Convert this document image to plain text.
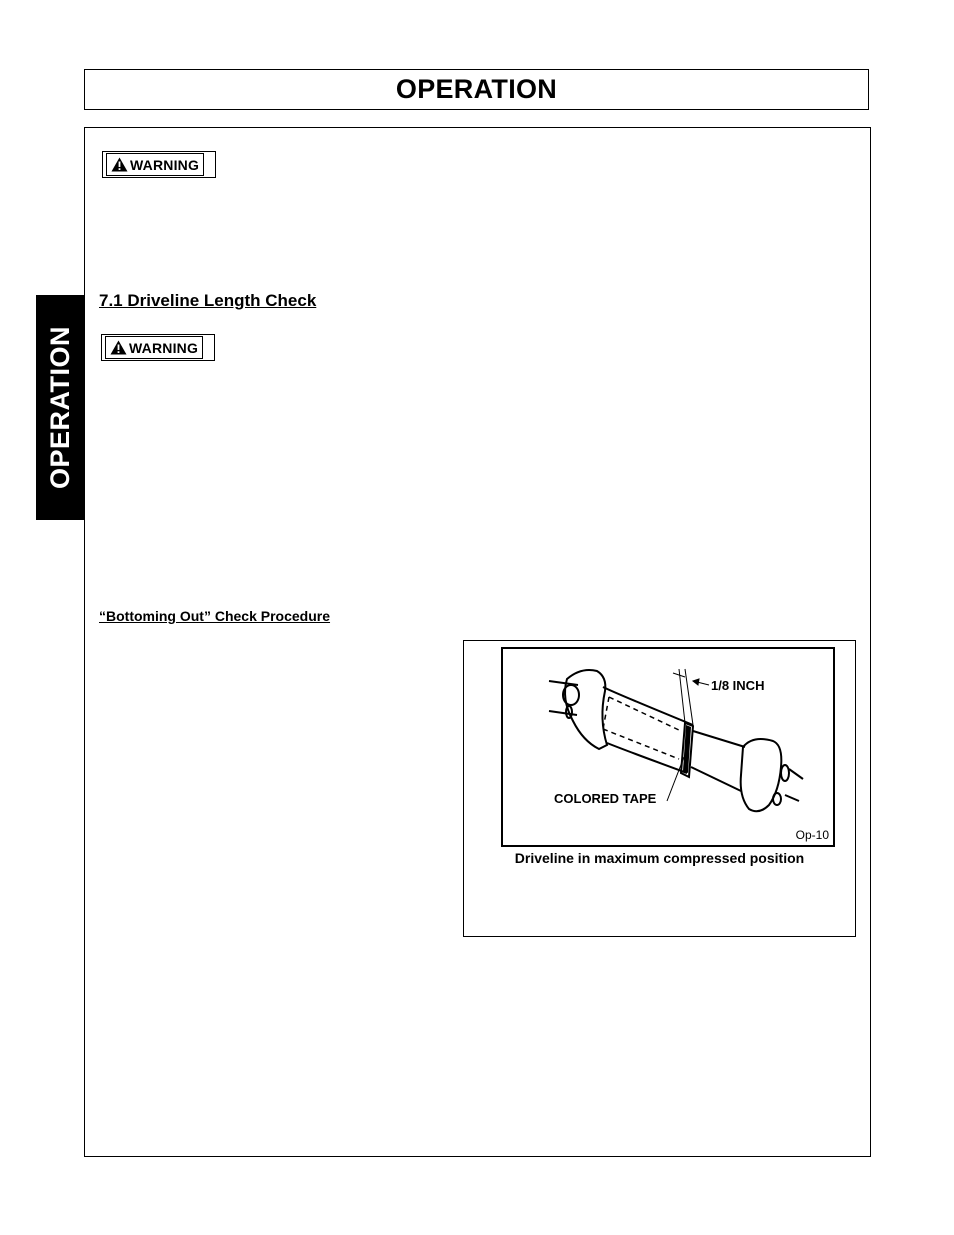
OPERATION
OPERATION
WARNING
7.1 Driveline Length Check
WARNING
“Bottoming Out” Check Procedure
1/8 INCH
COLORED TAPE
Op-10
Driveline in maximum compressed position
